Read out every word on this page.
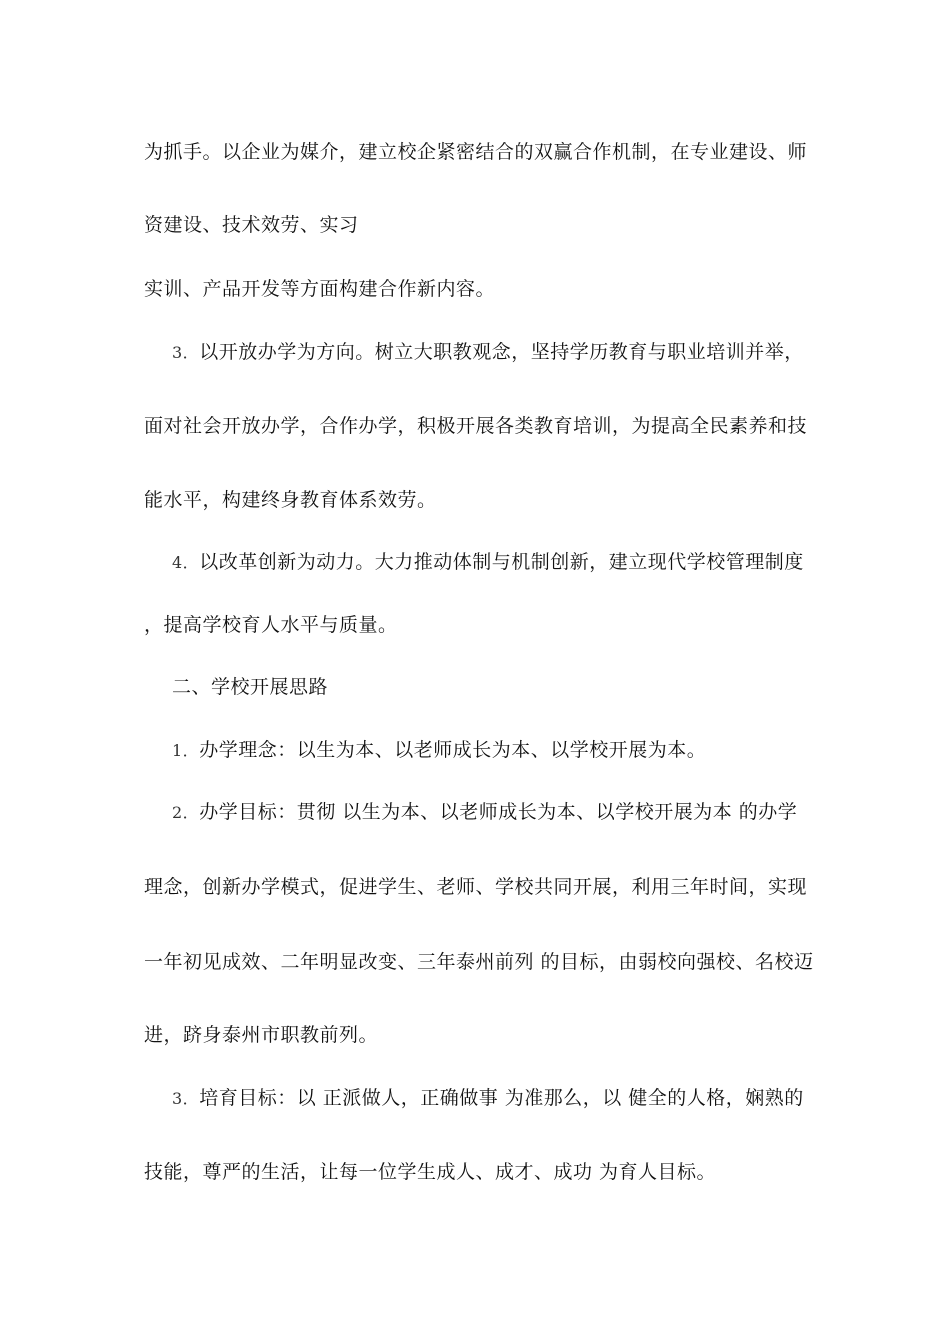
为抓手。以企业为媒介，建立校企紧密结合的双赢合作机制，在专业建设、师
资建设、技术效劳、实习
实训、产品开发等方面构建合作新内容。
3．以开放办学为方向。树立大职教观念，坚持学历教育与职业培训并举，
面对社会开放办学，合作办学，积极开展各类教育培训，为提高全民素养和技
能水平，构建终身教育体系效劳。
4．以改革创新为动力。大力推动体制与机制创新，建立现代学校管理制度
，提高学校育人水平与质量。
二、学校开展思路
1．办学理念：以生为本、以老师成长为本、以学校开展为本。
2．办学目标：贯彻 以生为本、以老师成长为本、以学校开展为本 的办学
理念，创新办学模式，促进学生、老师、学校共同开展，利用三年时间，实现
一年初见成效、二年明显改变、三年泰州前列 的目标，由弱校向强校、名校迈
进，跻身泰州市职教前列。
3．培育目标：以 正派做人，正确做事 为准那么，以 健全的人格，娴熟的
技能，尊严的生活，让每一位学生成人、成才、成功 为育人目标。
